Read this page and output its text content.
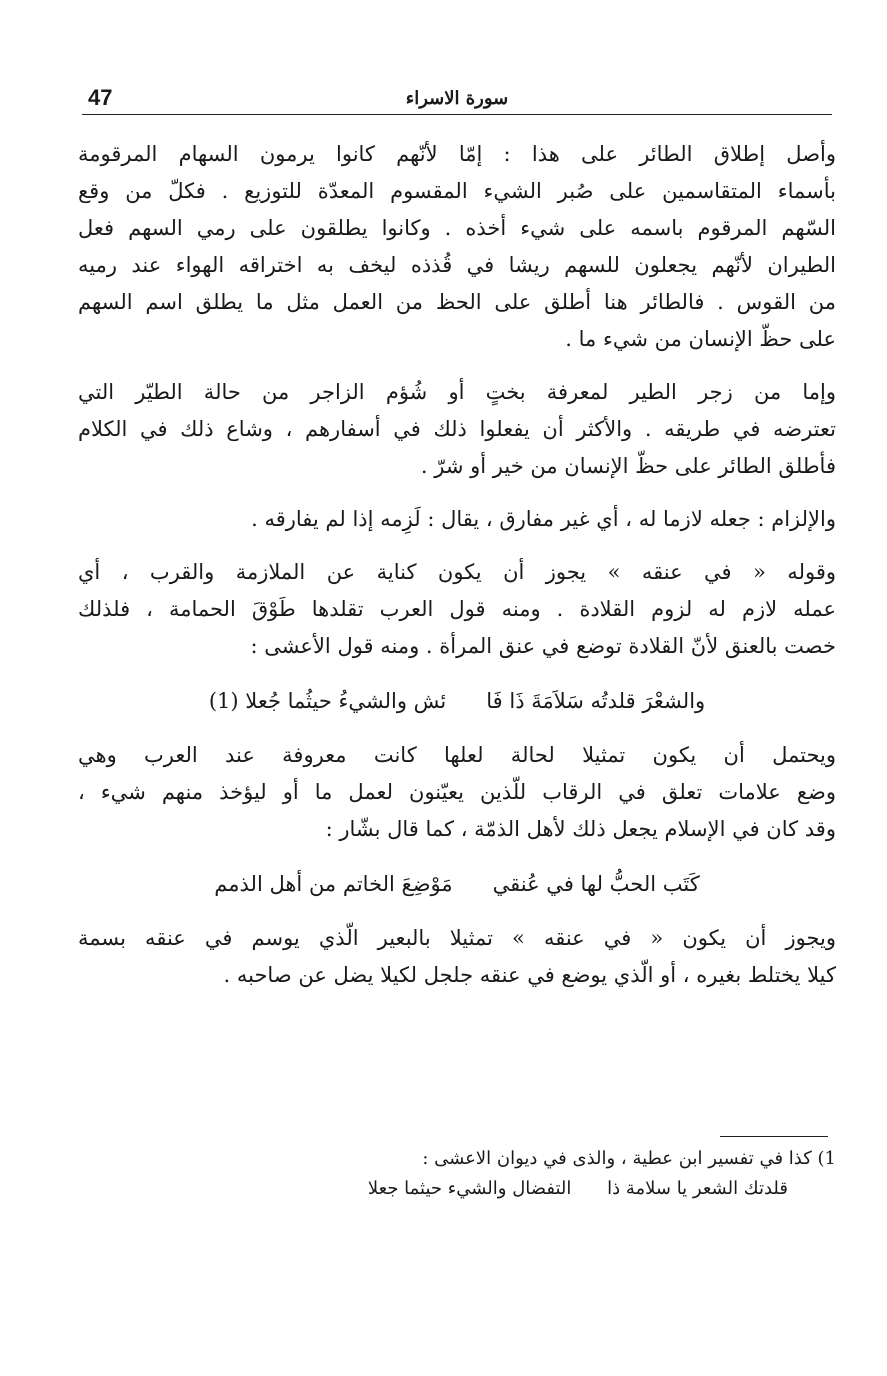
47	سورة الاسراء
وأصل إطلاق الطائر على هذا : إمّا لأنّهم كانوا يرمون السهام المرقومة
بأسماء المتقاسمين على صُبر الشيء المقسوم المعدّة للتوزيع . فكلّ من وقع
السّهم المرقوم باسمه على شيء أخذه . وكانوا يطلقون على رمي السهم فعل
الطيران لأنّهم يجعلون للسهم ريشا في قُذذه ليخف به اختراقه الهواء عند رميه
من القوس . فالطائر هنا أطلق على الحظ من العمل مثل ما يطلق اسم السهم
على حظّ الإنسان من شيء ما .
وإما من زجر الطير لمعرفة بختٍ أو شُؤم الزاجر من حالة الطيّر التي
تعترضه في طريقه . والأكثر أن يفعلوا ذلك في أسفارهم ، وشاع ذلك في الكلام
فأطلق الطائر على حظّ الإنسان من خير أو شرّ .
والإلزام : جعله لازما له ، أي غير مفارق ، يقال : لَزِمه إذا لم يفارقه .
وقوله « في عنقه » يجوز أن يكون كناية عن الملازمة والقرب ، أي
عمله لازم له لزوم القلادة . ومنه قول العرب تقلدها طَوْقَ الحمامة ، فلذلك
خصت بالعنق لأنّ القلادة توضع في عنق المرأة . ومنه قول الأعشى :
والشعْرَ قلدتُه سَلاَمَةَ ذَا فَا
ئش والشيءُ حيثُما جُعلا (1)
ويحتمل أن يكون تمثيلا لحالة لعلها كانت معروفة عند العرب وهي
وضع علامات تعلق في الرقاب للّذين يعيّنون لعمل ما أو ليؤخذ منهم شيء ،
وقد كان في الإسلام يجعل ذلك لأهل الذمّة ، كما قال بشّار :
كَتَب الحبُّ لها في عُنقي
مَوْضِعَ الخاتم من أهل الذمم
ويجوز أن يكون « في عنقه » تمثيلا بالبعير الّذي يوسم في عنقه بسمة
كيلا يختلط بغيره ، أو الّذي يوضع في عنقه جلجل لكيلا يضل عن صاحبه .
1) كذا في تفسير ابن عطية ، والذى في ديوان الاعشى :
قلدتك الشعر يا سلامة ذا التفضال والشيء حيثما جعلا
